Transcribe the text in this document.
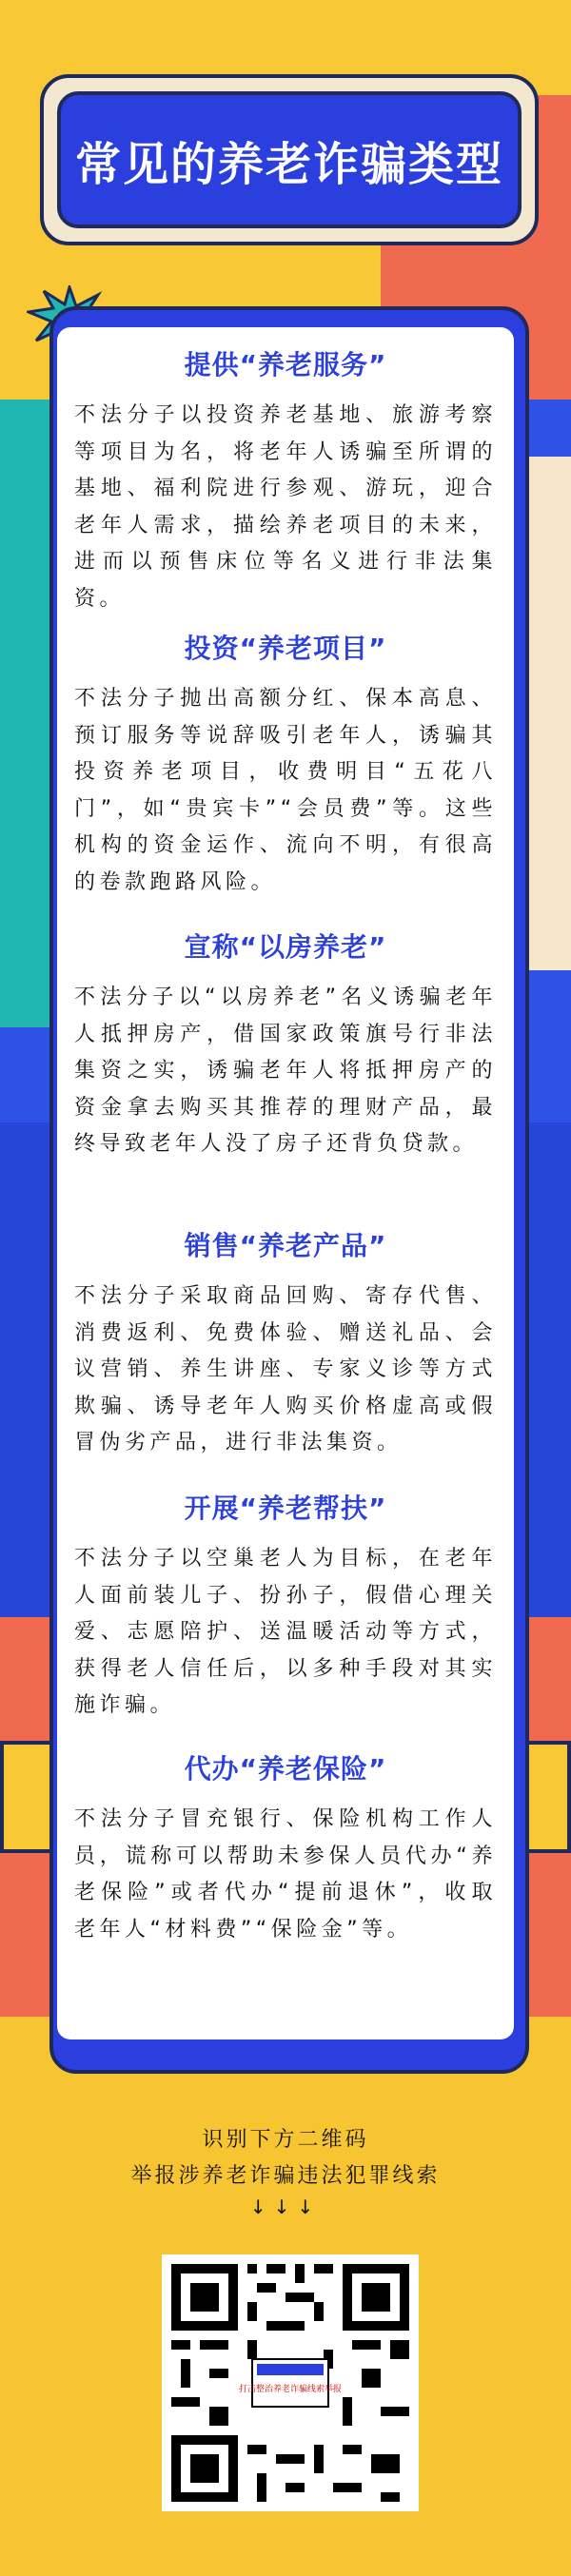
常见的养老诈骗类型
提供“养老服务”
不法分子以投资养老基地、旅游考察等项目为名，将老年人诱骗至所谓的基地、福利院进行参观、游玩，迎合老年人需求，描绘养老项目的未来，进而以预售床位等名义进行非法集资。
投资“养老项目”
不法分子抛出高额分红、保本高息、预订服务等说辞吸引老年人，诱骗其投资养老项目，收费明目“五花八门”，如“贵宾卡”“会员费”等。这些机构的资金运作、流向不明，有很高的卷款跑路风险。
宣称“以房养老”
不法分子以“以房养老”名义诱骗老年人抵押房产，借国家政策旗号行非法集资之实，诱骗老年人将抵押房产的资金拿去购买其推荐的理财产品，最终导致老年人没了房子还背负贷款。
销售“养老产品”
不法分子采取商品回购、寄存代售、消费返利、免费体验、赠送礼品、会议营销、养生讲座、专家义诊等方式欺骗、诱导老年人购买价格虚高或假冒伪劣产品，进行非法集资。
开展“养老帮扶”
不法分子以空巢老人为目标，在老年人面前装儿子、扮孙子，假借心理关爱、志愿陪护、送温暖活动等方式，获得老人信任后，以多种手段对其实施诈骗。
代办“养老保险”
不法分子冒充银行、保险机构工作人员，谎称可以帮助未参保人员代办“养老保险”或者代办“提前退休”，收取老年人“材料费”“保险金”等。
识别下方二维码
举报涉养老诈骗违法犯罪线索
↓↓↓
